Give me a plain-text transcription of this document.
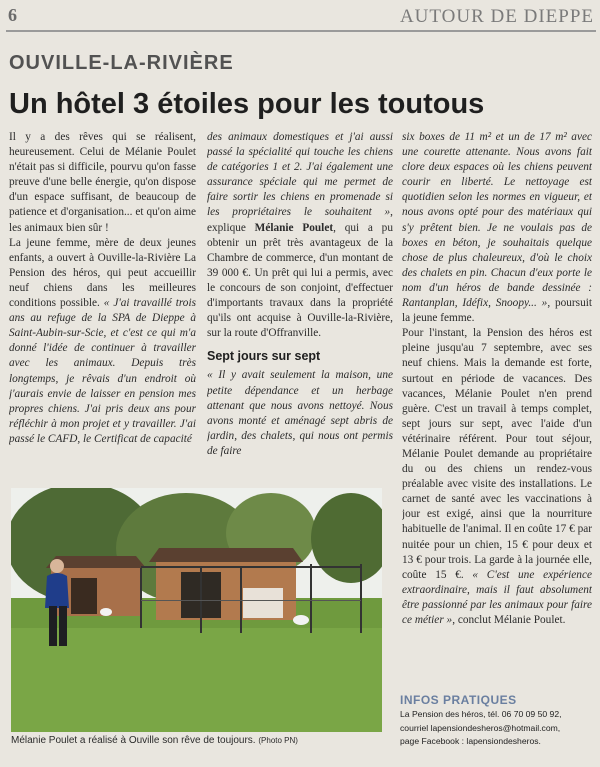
6	AUTOUR DE DIEPPE
OUVILLE-LA-RIVIÈRE
Un hôtel 3 étoiles pour les toutous

Il y a des rêves qui se réalisent, heureusement. Celui de Mélanie Poulet n'était pas si difficile, pourvu qu'on fasse preuve d'une belle énergie, qu'on dispose d'un espace suffisant, de beaucoup de patience et d'organisation... et qu'on aime les animaux bien sûr !

La jeune femme, mère de deux jeunes enfants, a ouvert à Ouville-la-Rivière La Pension des héros, qui peut accueillir neuf chiens dans les meilleures conditions possible. « J'ai travaillé trois ans au refuge de la SPA de Dieppe à Saint-Aubin-sur-Scie, et c'est ce qui m'a donné l'idée de continuer à travailler avec les animaux. Depuis très longtemps, je rêvais d'un endroit où j'aurais envie de laisser en pension mes propres chiens. J'ai pris deux ans pour réfléchir à mon projet et y travailler. J'ai passé le CAFD, le Certificat de capacité

des animaux domestiques et j'ai aussi passé la spécialité qui touche les chiens de catégories 1 et 2. J'ai également une assurance spéciale qui me permet de faire sortir les chiens en promenade si les propriétaires le souhaitent », explique Mélanie Poulet, qui a pu obtenir un prêt très avantageux de la Chambre de commerce, d'un montant de 39 000 €. Un prêt qui lui a permis, avec le concours de son conjoint, d'effectuer d'importants travaux dans la propriété qu'ils ont acquise à Ouville-la-Rivière, sur la route d'Offranville.

Sept jours sur sept

« Il y avait seulement la maison, une petite dépendance et un herbage attenant que nous avons nettoyé. Nous avons monté et aménagé sept abris de jardin, des chalets, qui nous ont permis de faire

six boxes de 11 m² et un de 17 m² avec une courette attenante. Nous avons fait clore deux espaces où les chiens peuvent courir en liberté. Le nettoyage est quotidien selon les normes en vigueur, et nous avons opté pour des matériaux qui s'y prêtent bien. Je ne voulais pas de boxes en béton, je souhaitais quelque chose de plus chaleureux, d'où le choix des chalets en pin. Chacun d'eux porte le nom d'un héros de bande dessinée : Rantanplan, Idéfix, Snoopy... », poursuit la jeune femme.

Pour l'instant, la Pension des héros est pleine jusqu'au 7 septembre, avec ses neuf chiens. Mais la demande est forte, surtout en période de vacances. Des vacances, Mélanie Poulet n'en prend guère. C'est un travail à temps complet, sept jours sur sept, avec l'aide d'un vétérinaire référent. Pour tout séjour, Mélanie Poulet demande au propriétaire du ou des chiens un rendez-vous préalable avec visite des installations. Le carnet de santé avec les vaccinations à jour est exigé, ainsi que la nourriture habituelle de l'animal. Il en coûte 17 € par nuitée pour un chien, 15 € pour deux et 13 € pour trois. La garde à la journée elle, coûte 15 €. « C'est une expérience extraordinaire, mais il faut absolument être passionné par les animaux pour faire ce métier », conclut Mélanie Poulet.

Mélanie Poulet a réalisé à Ouville son rêve de toujours. (Photo PN)
INFOS PRATIQUES
La Pension des héros, tél. 06 70 09 50 92,
courriel lapensiondesheros@hotmail.com,
page Facebook : lapensiondesheros.
